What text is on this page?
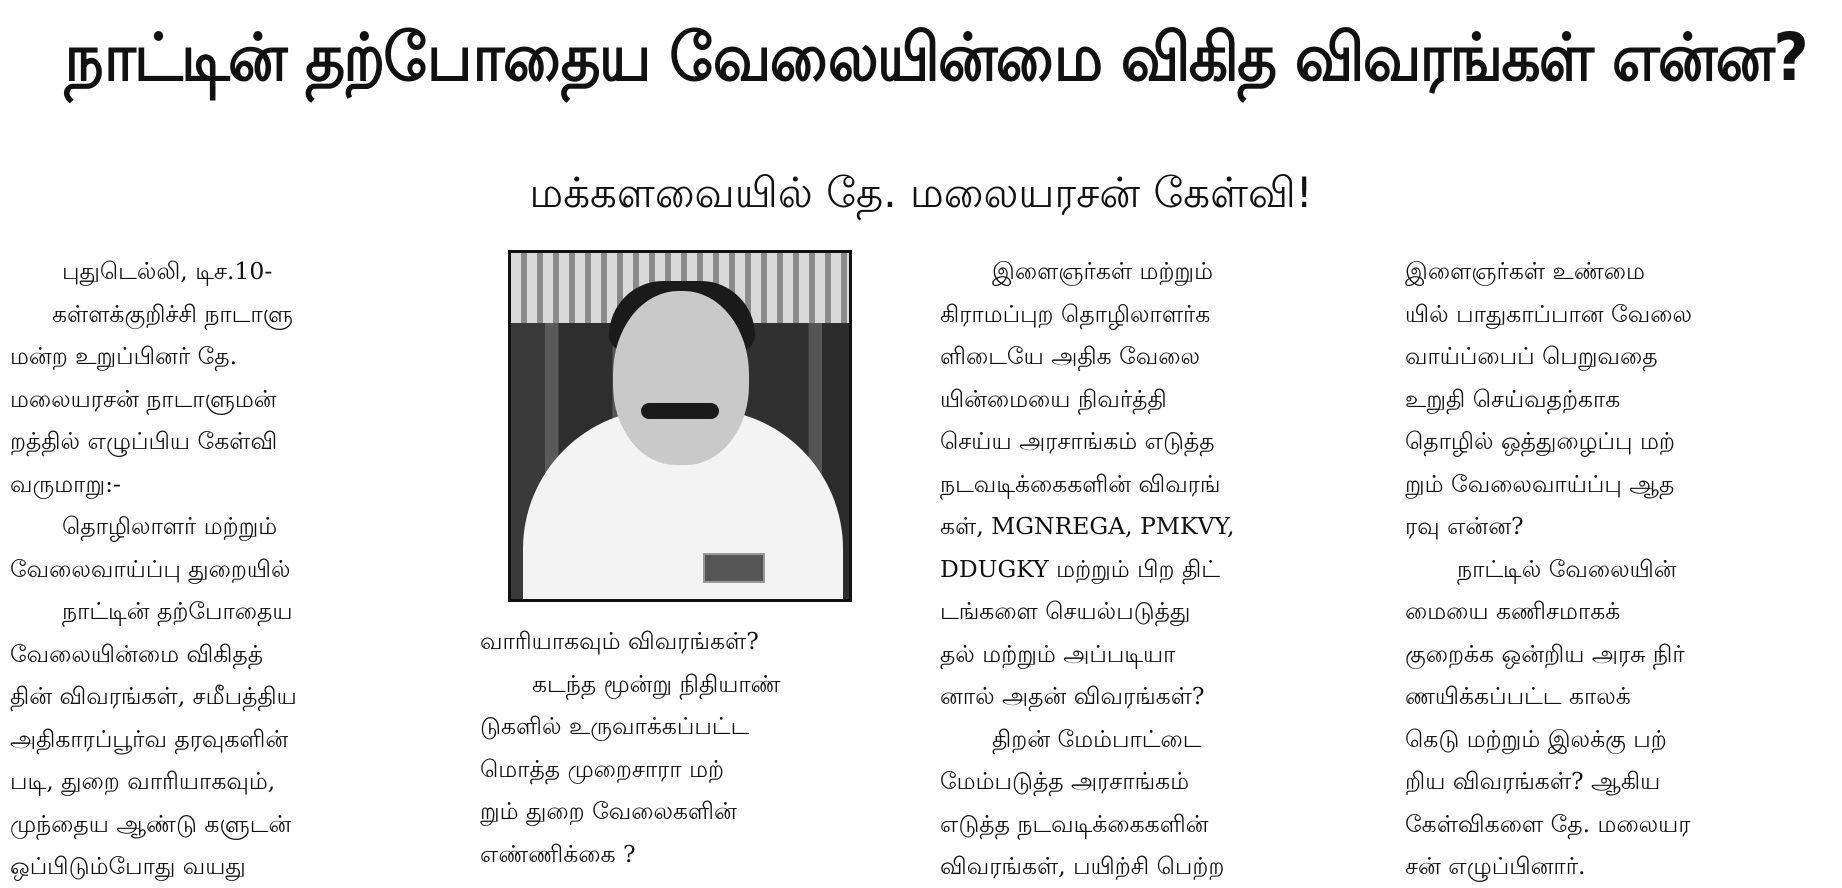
நாட்டின் தற்போதைய வேலையின்மை விகித விவரங்கள் என்ன?
மக்களவையில் தே. மலையரசன் கேள்வி!
புதுடெல்லி, டிச.10-
கள்ளக்குறிச்சி நாடாளு
மன்ற உறுப்பினர் தே.
மலையரசன் நாடாளுமன்
றத்தில் எழுப்பிய கேள்வி
வருமாறு:-
தொழிலாளர் மற்றும்
வேலைவாய்ப்பு துறையில்
நாட்டின் தற்போதைய
வேலையின்மை விகிதத்
தின் விவரங்கள், சமீபத்திய
அதிகாரப்பூர்வ தரவுகளின்
படி, துறை வாரியாகவும்,
முந்தைய ஆண்டு களுடன்
ஒப்பிடும்போது வயது
வாரியாகவும் விவரங்கள்?
கடந்த மூன்று நிதியாண்
டுகளில் உருவாக்கப்பட்ட
மொத்த முறைசாரா மற்
றும் துறை வேலைகளின்
எண்ணிக்கை ?
இளைஞர்கள் மற்றும்
கிராமப்புற தொழிலாளர்க
ளிடையே அதிக வேலை
யின்மையை நிவர்த்தி
செய்ய அரசாங்கம் எடுத்த
நடவடிக்கைகளின் விவரங்
கள், MGNREGA, PMKVY,
DDUGKY மற்றும் பிற திட்
டங்களை செயல்படுத்து
தல் மற்றும் அப்படியா
னால் அதன் விவரங்கள்?
திறன் மேம்பாட்டை
மேம்படுத்த அரசாங்கம்
எடுத்த நடவடிக்கைகளின்
விவரங்கள், பயிற்சி பெற்ற
இளைஞர்கள் உண்மை
யில் பாதுகாப்பான வேலை
வாய்ப்பைப் பெறுவதை
உறுதி செய்வதற்காக
தொழில் ஒத்துழைப்பு மற்
றும் வேலைவாய்ப்பு ஆத
ரவு என்ன?
நாட்டில் வேலையின்
மையை கணிசமாகக்
குறைக்க ஒன்றிய அரசு நிர்
ணயிக்கப்பட்ட காலக்
கெடு மற்றும் இலக்கு பற்
றிய விவரங்கள்? ஆகிய
கேள்விகளை தே. மலையர
சன் எழுப்பினார்.
